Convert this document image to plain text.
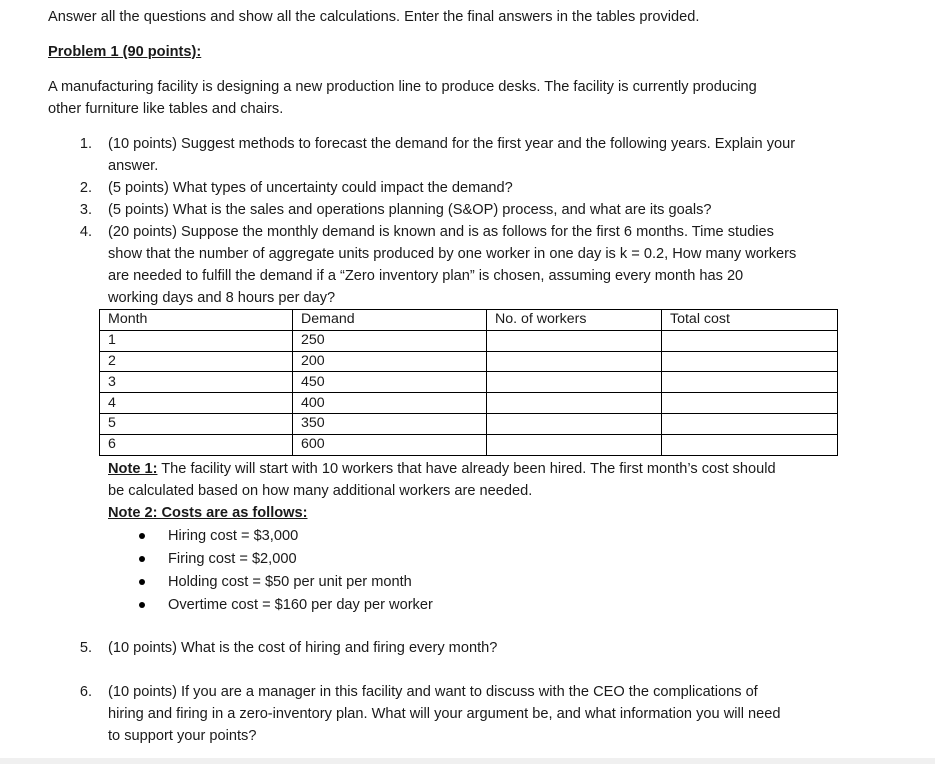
Answer all the questions and show all the calculations. Enter the final answers in the tables provided.
Problem 1 (90 points):
A manufacturing facility is designing a new production line to produce desks. The facility is currently producing
other furniture like tables and chairs.
1. (10 points) Suggest methods to forecast the demand for the first year and the following years. Explain your
answer.
2. (5 points) What types of uncertainty could impact the demand?
3. (5 points) What is the sales and operations planning (S&OP) process, and what are its goals?
4. (20 points) Suppose the monthly demand is known and is as follows for the first 6 months. Time studies
show that the number of aggregate units produced by one worker in one day is k = 0.2, How many workers
are needed to fulfill the demand if a “Zero inventory plan” is chosen, assuming every month has 20
working days and 8 hours per day?
Month	Demand	No. of workers	Total cost
1	250		
2	200		
3	450		
4	400		
5	350		
6	600		
Note 1: The facility will start with 10 workers that have already been hired. The first month’s cost should
be calculated based on how many additional workers are needed.
Note 2: Costs are as follows:
Hiring cost = $3,000
Firing cost = $2,000
Holding cost = $50 per unit per month
Overtime cost = $160 per day per worker
5. (10 points) What is the cost of hiring and firing every month?
6. (10 points) If you are a manager in this facility and want to discuss with the CEO the complications of
hiring and firing in a zero-inventory plan. What will your argument be, and what information you will need
to support your points?
